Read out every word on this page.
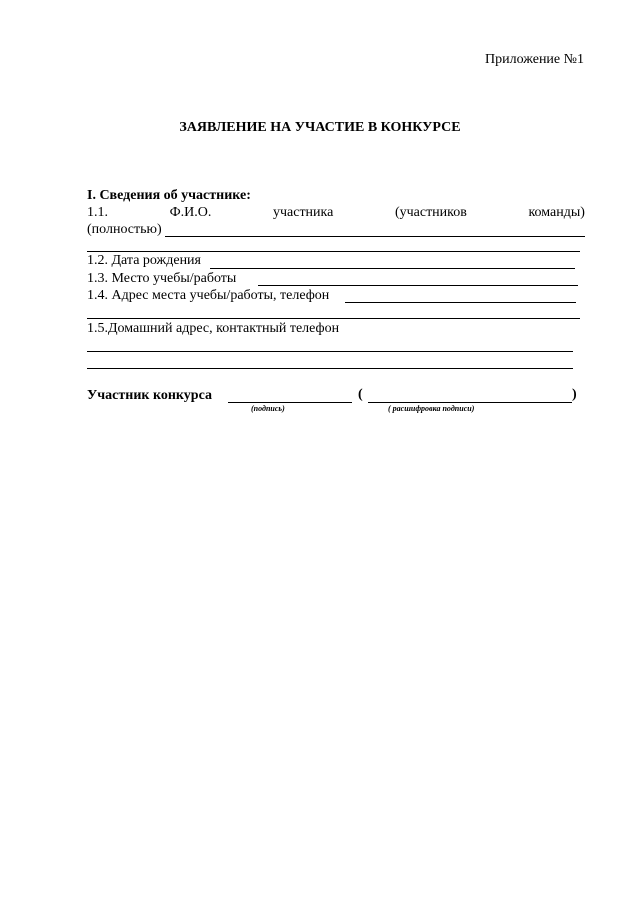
Приложение №1
ЗАЯВЛЕНИЕ НА УЧАСТИЕ В КОНКУРСЕ
I. Сведения об участнике:
1.1.	Ф.И.О.	участника	(участников	команды)
(полностью)
1.2. Дата рождения
1.3. Место учебы/работы
1.4. Адрес места учебы/работы, телефон
1.5.Домашний адрес, контактный телефон
Участник конкурса	(	)
(подпись)	( расшифровка подписи)
